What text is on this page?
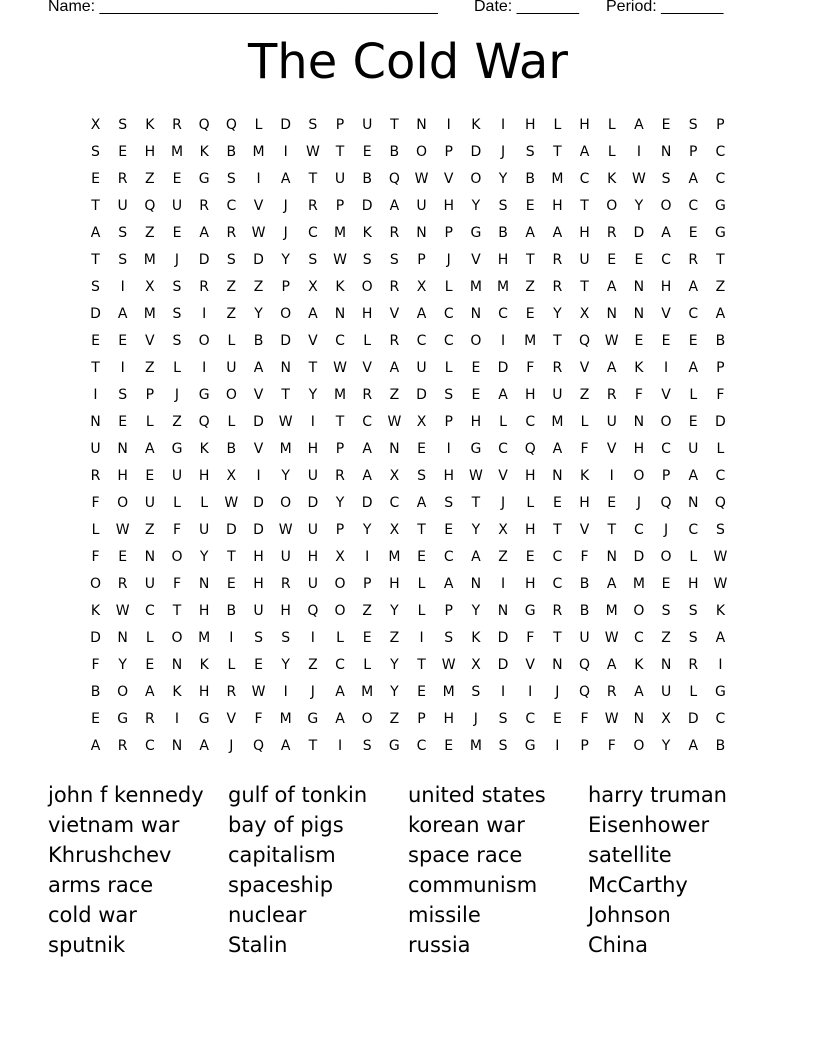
Name: ______________________________________ Date: _______ Period: _______
The Cold War
X	S	K	R	Q	Q	L	D	S	P	U	T	N	I	K	I	H	L	H	L	A	E	S	P
S	E	H	M	K	B	M	I	W	T	E	B	O	P	D	J	S	T	A	L	I	N	P	C
E	R	Z	E	G	S	I	A	T	U	B	Q	W	V	O	Y	B	M	C	K	W	S	A	C
T	U	Q	U	R	C	V	J	R	P	D	A	U	H	Y	S	E	H	T	O	Y	O	C	G
A	S	Z	E	A	R	W	J	C	M	K	R	N	P	G	B	A	A	H	R	D	A	E	G
T	S	M	J	D	S	D	Y	S	W	S	S	P	J	V	H	T	R	U	E	E	C	R	T
S	I	X	S	R	Z	Z	P	X	K	O	R	X	L	M	M	Z	R	T	A	N	H	A	Z
D	A	M	S	I	Z	Y	O	A	N	H	V	A	C	N	C	E	Y	X	N	N	V	C	A
E	E	V	S	O	L	B	D	V	C	L	R	C	C	O	I	M	T	Q	W	E	E	E	B
T	I	Z	L	I	U	A	N	T	W	V	A	U	L	E	D	F	R	V	A	K	I	A	P
I	S	P	J	G	O	V	T	Y	M	R	Z	D	S	E	A	H	U	Z	R	F	V	L	F
N	E	L	Z	Q	L	D	W	I	T	C	W	X	P	H	L	C	M	L	U	N	O	E	D
U	N	A	G	K	B	V	M	H	P	A	N	E	I	G	C	Q	A	F	V	H	C	U	L
R	H	E	U	H	X	I	Y	U	R	A	X	S	H	W	V	H	N	K	I	O	P	A	C
F	O	U	L	L	W	D	O	D	Y	D	C	A	S	T	J	L	E	H	E	J	Q	N	Q
L	W	Z	F	U	D	D	W	U	P	Y	X	T	E	Y	X	H	T	V	T	C	J	C	S
F	E	N	O	Y	T	H	U	H	X	I	M	E	C	A	Z	E	C	F	N	D	O	L	W
O	R	U	F	N	E	H	R	U	O	P	H	L	A	N	I	H	C	B	A	M	E	H	W
K	W	C	T	H	B	U	H	Q	O	Z	Y	L	P	Y	N	G	R	B	M	O	S	S	K
D	N	L	O	M	I	S	S	I	L	E	Z	I	S	K	D	F	T	U	W	C	Z	S	A
F	Y	E	N	K	L	E	Y	Z	C	L	Y	T	W	X	D	V	N	Q	A	K	N	R	I
B	O	A	K	H	R	W	I	J	A	M	Y	E	M	S	I	I	J	Q	R	A	U	L	G
E	G	R	I	G	V	F	M	G	A	O	Z	P	H	J	S	C	E	F	W	N	X	D	C
A	R	C	N	A	J	Q	A	T	I	S	G	C	E	M	S	G	I	P	F	O	Y	A	B
john f kennedy
vietnam war
Khrushchev
arms race
cold war
sputnik
gulf of tonkin
bay of pigs
capitalism
spaceship
nuclear
Stalin
united states
korean war
space race
communism
missile
russia
harry truman
Eisenhower
satellite
McCarthy
Johnson
China
